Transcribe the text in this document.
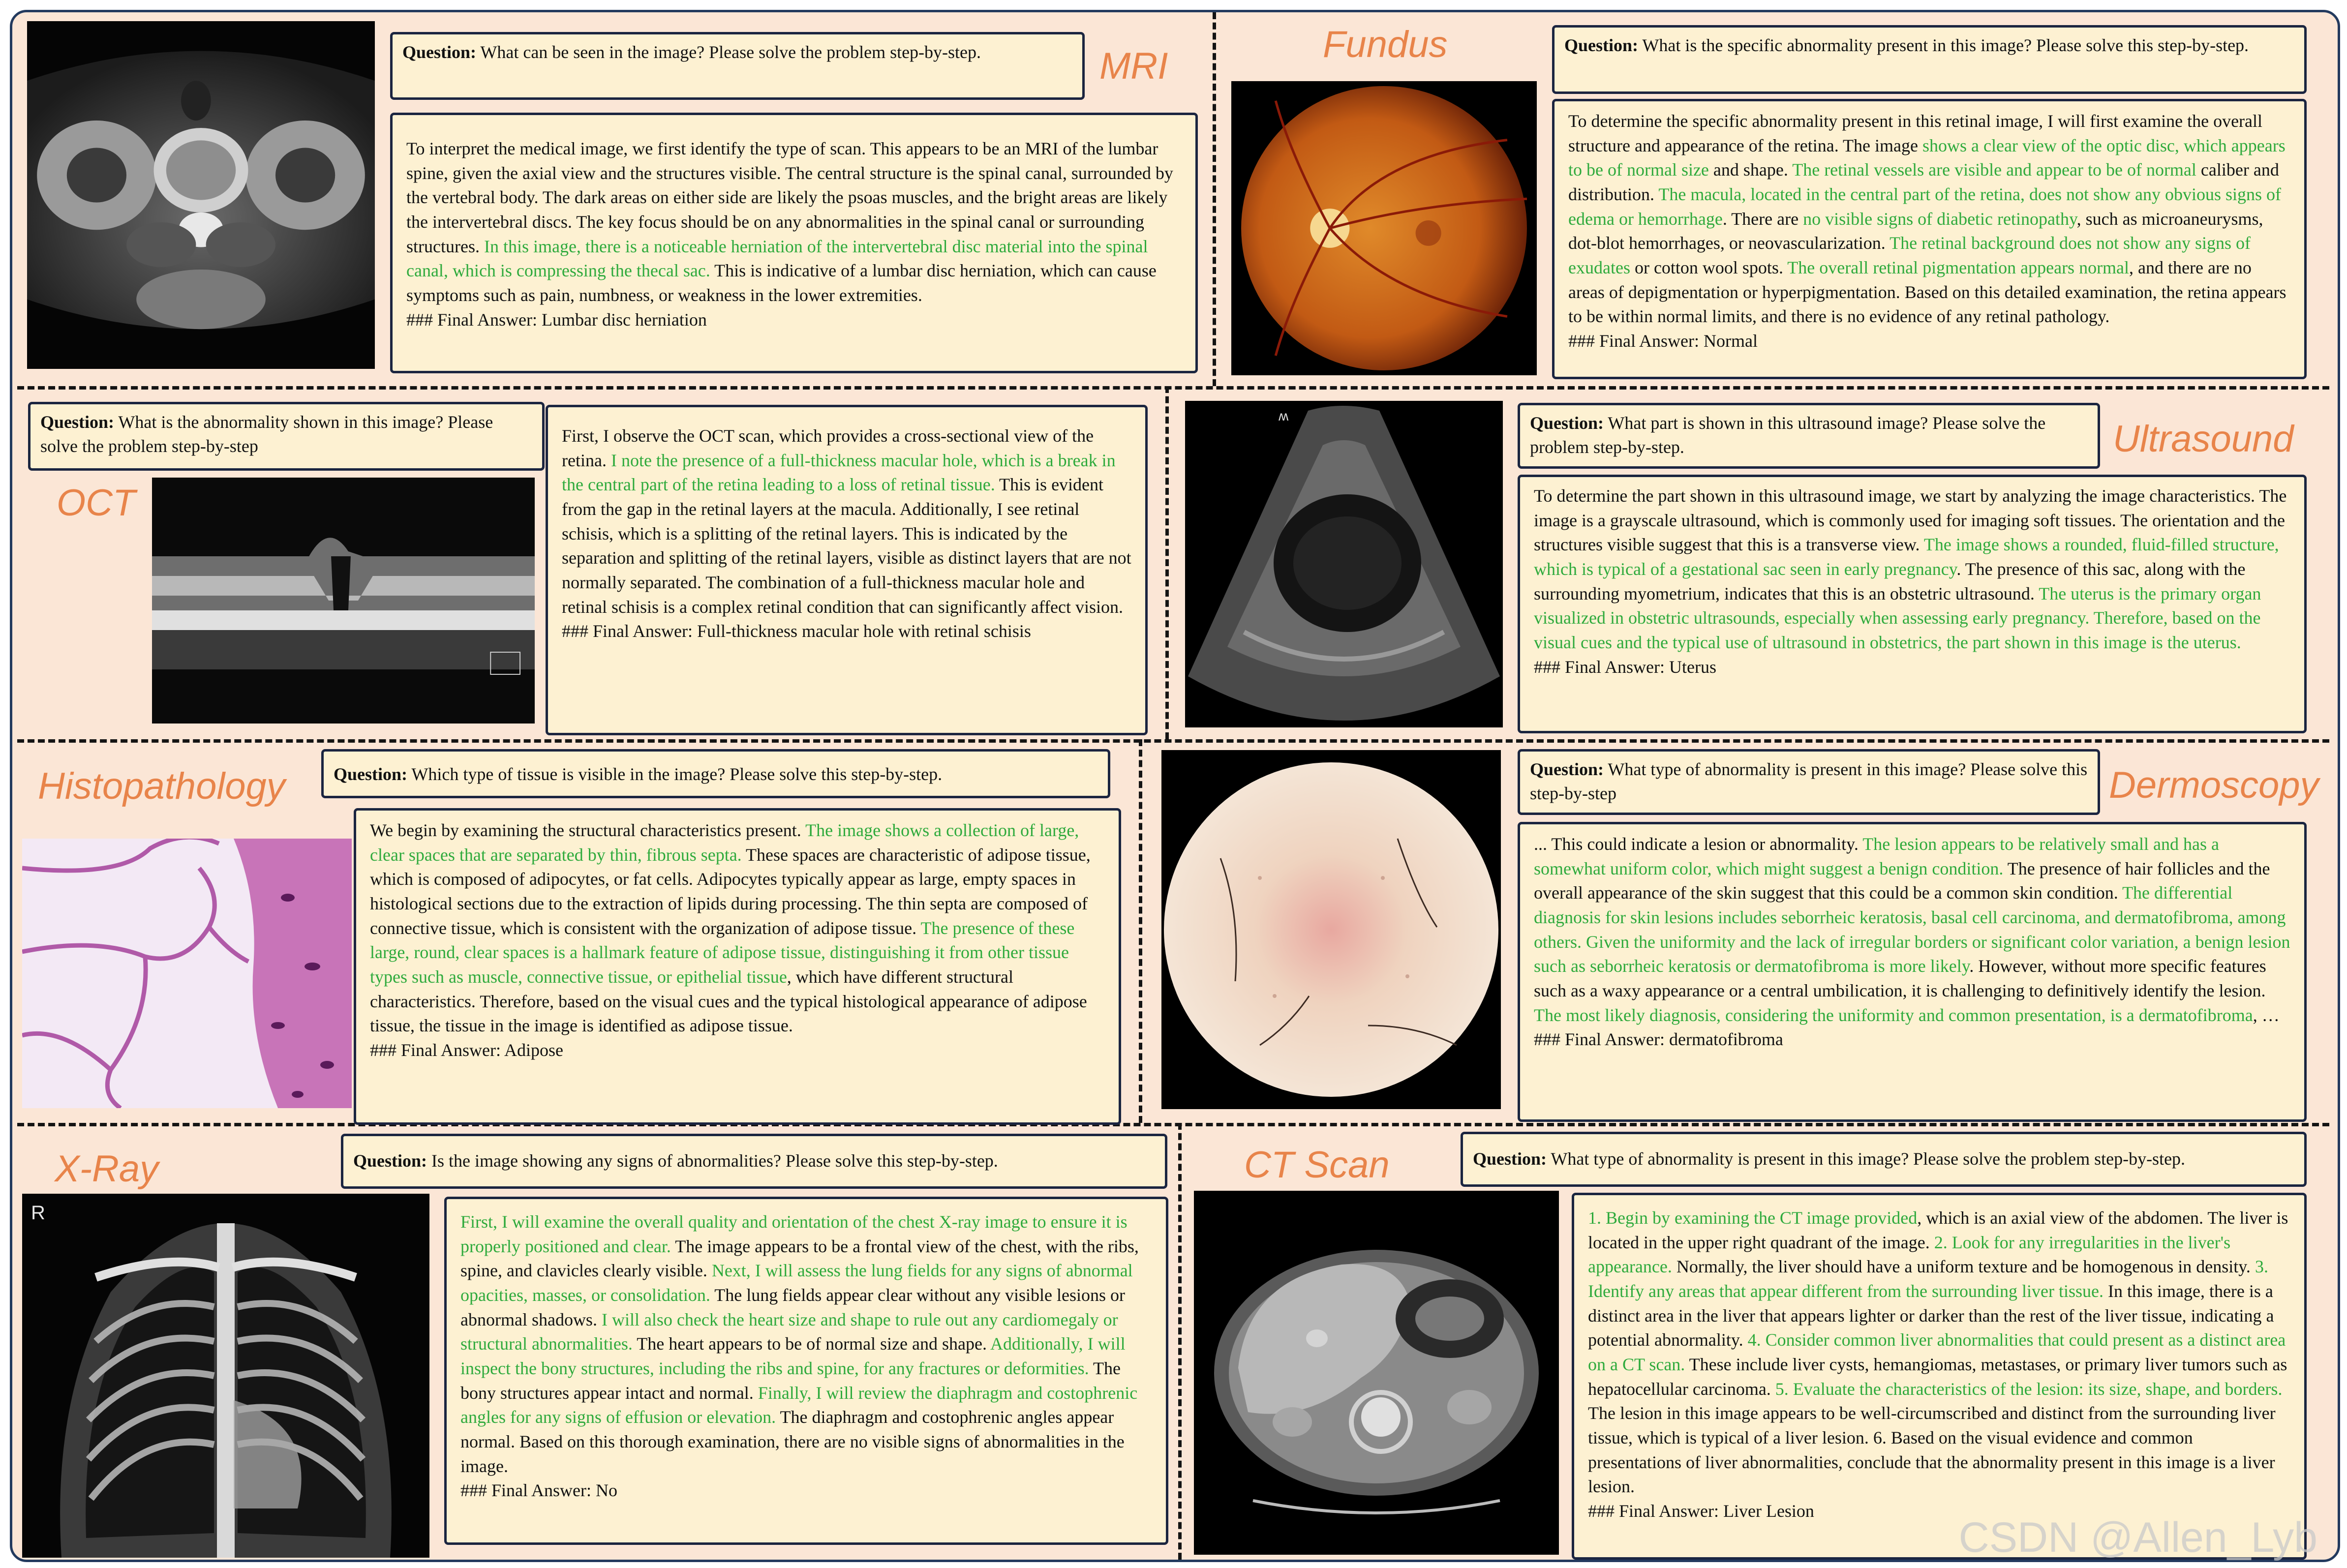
Question: What can be seen in the image? Please solve the problem step-by-step.	MRI
To interpret the medical image, we first identify the type of scan. This appears to be an MRI of the lumbar spine, given the axial view and the structures visible. The central structure is the spinal canal, surrounded by the vertebral body. The dark areas on either side are likely the psoas muscles, and the bright areas are likely the intervertebral discs. The key focus should be on any abnormalities in the spinal canal or surrounding structures. In this image, there is a noticeable herniation of the intervertebral disc material into the spinal canal, which is compressing the thecal sac. This is indicative of a lumbar disc herniation, which can cause symptoms such as pain, numbness, or weakness in the lower extremities.
### Final Answer: Lumbar disc herniation
Fundus	Question: What is the specific abnormality present in this image? Please solve this step-by-step.
To determine the specific abnormality present in this retinal image, I will first examine the overall structure and appearance of the retina. The image shows a clear view of the optic disc, which appears to be of normal size and shape. The retinal vessels are visible and appear to be of normal caliber and distribution. The macula, located in the central part of the retina, does not show any obvious signs of edema or hemorrhage. There are no visible signs of diabetic retinopathy, such as microaneurysms, dot-blot hemorrhages, or neovascularization. The retinal background does not show any signs of exudates or cotton wool spots. The overall retinal pigmentation appears normal, and there are no areas of depigmentation or hyperpigmentation. Based on this detailed examination, the retina appears to be within normal limits, and there is no evidence of any retinal pathology.
### Final Answer: Normal
Question: What is the abnormality shown in this image? Please solve the problem step-by-step
OCT
First, I observe the OCT scan, which provides a cross-sectional view of the retina. I note the presence of a full-thickness macular hole, which is a break in the central part of the retina leading to a loss of retinal tissue. This is evident from the gap in the retinal layers at the macula. Additionally, I see retinal schisis, which is a splitting of the retinal layers. This is indicated by the separation and splitting of the retinal layers, visible as distinct layers that are not normally separated. The combination of a full-thickness macular hole and retinal schisis is a complex retinal condition that can significantly affect vision.
### Final Answer: Full-thickness macular hole with retinal schisis
ʍ	Question: What part is shown in this ultrasound image? Please solve the problem step-by-step.	Ultrasound
To determine the part shown in this ultrasound image, we start by analyzing the image characteristics. The image is a grayscale ultrasound, which is commonly used for imaging soft tissues. The orientation and the structures visible suggest that this is a transverse view. The image shows a rounded, fluid-filled structure, which is typical of a gestational sac seen in early pregnancy. The presence of this sac, along with the surrounding myometrium, indicates that this is an obstetric ultrasound. The uterus is the primary organ visualized in obstetric ultrasounds, especially when assessing early pregnancy. Therefore, based on the visual cues and the typical use of ultrasound in obstetrics, the part shown in this image is the uterus.
### Final Answer: Uterus
Histopathology	Question: Which type of tissue is visible in the image? Please solve this step-by-step.
We begin by examining the structural characteristics present. The image shows a collection of large, clear spaces that are separated by thin, fibrous septa. These spaces are characteristic of adipose tissue, which is composed of adipocytes, or fat cells. Adipocytes typically appear as large, empty spaces in histological sections due to the extraction of lipids during processing. The thin septa are composed of connective tissue, which is consistent with the organization of adipose tissue. The presence of these large, round, clear spaces is a hallmark feature of adipose tissue, distinguishing it from other tissue types such as muscle, connective tissue, or epithelial tissue, which have different structural characteristics. Therefore, based on the visual cues and the typical histological appearance of adipose tissue, the tissue in the image is identified as adipose tissue.
### Final Answer: Adipose
Question: What type of abnormality is present in this image? Please solve this step-by-step	Dermoscopy
... This could indicate a lesion or abnormality. The lesion appears to be relatively small and has a somewhat uniform color, which might suggest a benign condition. The presence of hair follicles and the overall appearance of the skin suggest that this could be a common skin condition. The differential diagnosis for skin lesions includes seborrheic keratosis, basal cell carcinoma, and dermatofibroma, among others. Given the uniformity and the lack of irregular borders or significant color variation, a benign lesion such as seborrheic keratosis or dermatofibroma is more likely. However, without more specific features such as a waxy appearance or a central umbilication, it is challenging to definitively identify the lesion. The most likely diagnosis, considering the uniformity and common presentation, is a dermatofibroma, …
### Final Answer: dermatofibroma
X-Ray	Question: Is the image showing any signs of abnormalities? Please solve this step-by-step.
R	First, I will examine the overall quality and orientation of the chest X-ray image to ensure it is properly positioned and clear. The image appears to be a frontal view of the chest, with the ribs, spine, and clavicles clearly visible. Next, I will assess the lung fields for any signs of abnormal opacities, masses, or consolidation. The lung fields appear clear without any visible lesions or abnormal shadows. I will also check the heart size and shape to rule out any cardiomegaly or structural abnormalities. The heart appears to be of normal size and shape. Additionally, I will inspect the bony structures, including the ribs and spine, for any fractures or deformities. The bony structures appear intact and normal. Finally, I will review the diaphragm and costophrenic angles for any signs of effusion or elevation. The diaphragm and costophrenic angles appear normal. Based on this thorough examination, there are no visible signs of abnormalities in the image.
### Final Answer: No
CT Scan	Question: What type of abnormality is present in this image? Please solve the problem step-by-step.
1. Begin by examining the CT image provided, which is an axial view of the abdomen. The liver is located in the upper right quadrant of the image. 2. Look for any irregularities in the liver's appearance. Normally, the liver should have a uniform texture and be homogenous in density. 3. Identify any areas that appear different from the surrounding liver tissue. In this image, there is a distinct area in the liver that appears lighter or darker than the rest of the liver tissue, indicating a potential abnormality. 4. Consider common liver abnormalities that could present as a distinct area on a CT scan. These include liver cysts, hemangiomas, metastases, or primary liver tumors such as hepatocellular carcinoma. 5. Evaluate the characteristics of the lesion: its size, shape, and borders. The lesion in this image appears to be well-circumscribed and distinct from the surrounding liver tissue, which is typical of a liver lesion. 6. Based on the visual evidence and common presentations of liver abnormalities, conclude that the abnormality present in this image is a liver lesion.
### Final Answer: Liver Lesion
CSDN @Allen_Lyb
